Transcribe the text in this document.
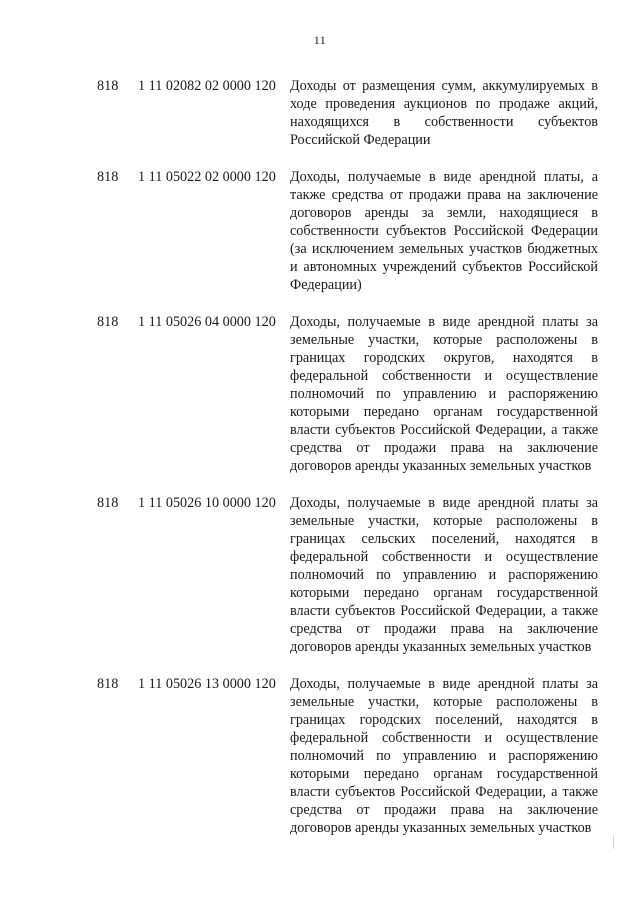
11
818 1 11 02082 02 0000 120 Доходы от размещения сумм, аккумулируемых в ходе проведения аукционов по продаже акций, находящихся в собственности субъектов Российской Федерации
818 1 11 05022 02 0000 120 Доходы, получаемые в виде арендной платы, а также средства от продажи права на заключение договоров аренды за земли, находящиеся в собственности субъектов Российской Федерации (за исключением земельных участков бюджетных и автономных учреждений субъектов Российской Федерации)
818 1 11 05026 04 0000 120 Доходы, получаемые в виде арендной платы за земельные участки, которые расположены в границах городских округов, находятся в федеральной собственности и осуществление полномочий по управлению и распоряжению которыми передано органам государственной власти субъектов Российской Федерации, а также средства от продажи права на заключение договоров аренды указанных земельных участков
818 1 11 05026 10 0000 120 Доходы, получаемые в виде арендной платы за земельные участки, которые расположены в границах сельских поселений, находятся в федеральной собственности и осуществление полномочий по управлению и распоряжению которыми передано органам государственной власти субъектов Российской Федерации, а также средства от продажи права на заключение договоров аренды указанных земельных участков
818 1 11 05026 13 0000 120 Доходы, получаемые в виде арендной платы за земельные участки, которые расположены в границах городских поселений, находятся в федеральной собственности и осуществление полномочий по управлению и распоряжению которыми передано органам государственной власти субъектов Российской Федерации, а также средства от продажи права на заключение договоров аренды указанных земельных участков
